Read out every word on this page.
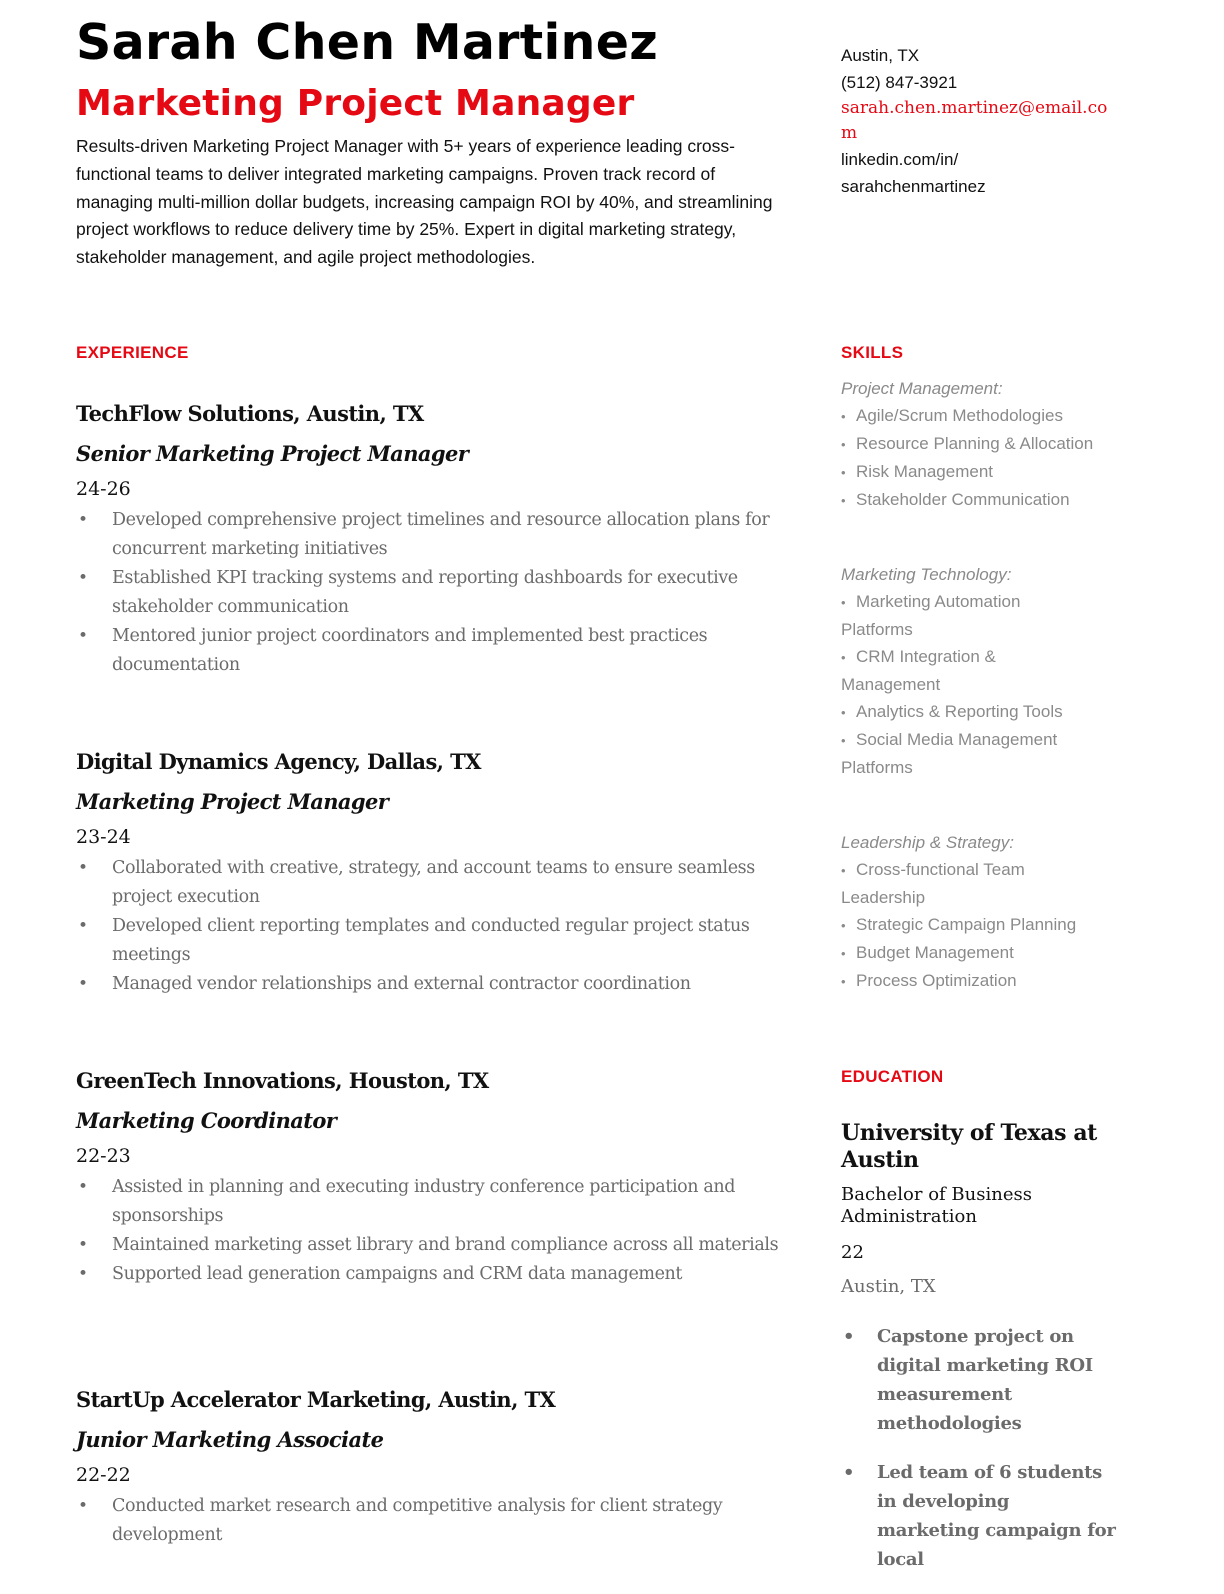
Sarah Chen Martinez
Marketing Project Manager

Results-driven Marketing Project Manager with 5+ years of experience leading cross-functional teams to deliver integrated marketing campaigns. Proven track record of managing multi-million dollar budgets, increasing campaign ROI by 40%, and streamlining project workflows to reduce delivery time by 25%. Expert in digital marketing strategy, stakeholder management, and agile project methodologies.

Austin, TX
(512) 847-3921
sarah.chen.martinez@email.com
linkedin.com/in/
sarahchenmartinez
EXPERIENCE

TechFlow Solutions, Austin, TX

Senior Marketing Project Manager

24-26

• Developed comprehensive project timelines and resource allocation plans for concurrent marketing initiatives
• Established KPI tracking systems and reporting dashboards for executive stakeholder communication
• Mentored junior project coordinators and implemented best practices documentation

Digital Dynamics Agency, Dallas, TX

Marketing Project Manager

23-24

• Collaborated with creative, strategy, and account teams to ensure seamless project execution
• Developed client reporting templates and conducted regular project status meetings
• Managed vendor relationships and external contractor coordination

GreenTech Innovations, Houston, TX

Marketing Coordinator

22-23

• Assisted in planning and executing industry conference participation and sponsorships
• Maintained marketing asset library and brand compliance across all materials
• Supported lead generation campaigns and CRM data management

StartUp Accelerator Marketing, Austin, TX

Junior Marketing Associate

22-22

• Conducted market research and competitive analysis for client strategy development
SKILLS

Project Management:

• Agile/Scrum Methodologies

• Resource Planning & Allocation

• Risk Management

• Stakeholder Communication

Marketing Technology:

• Marketing Automation Platforms

• CRM Integration & Management

• Analytics & Reporting Tools

• Social Media Management Platforms

Leadership & Strategy:

• Cross-functional Team Leadership

• Strategic Campaign Planning

• Budget Management

• Process Optimization

EDUCATION

University of Texas at Austin

Bachelor of Business Administration

22

Austin, TX

• Capstone project on digital marketing ROI measurement methodologies
• Led team of 6 students in developing marketing campaign for local
